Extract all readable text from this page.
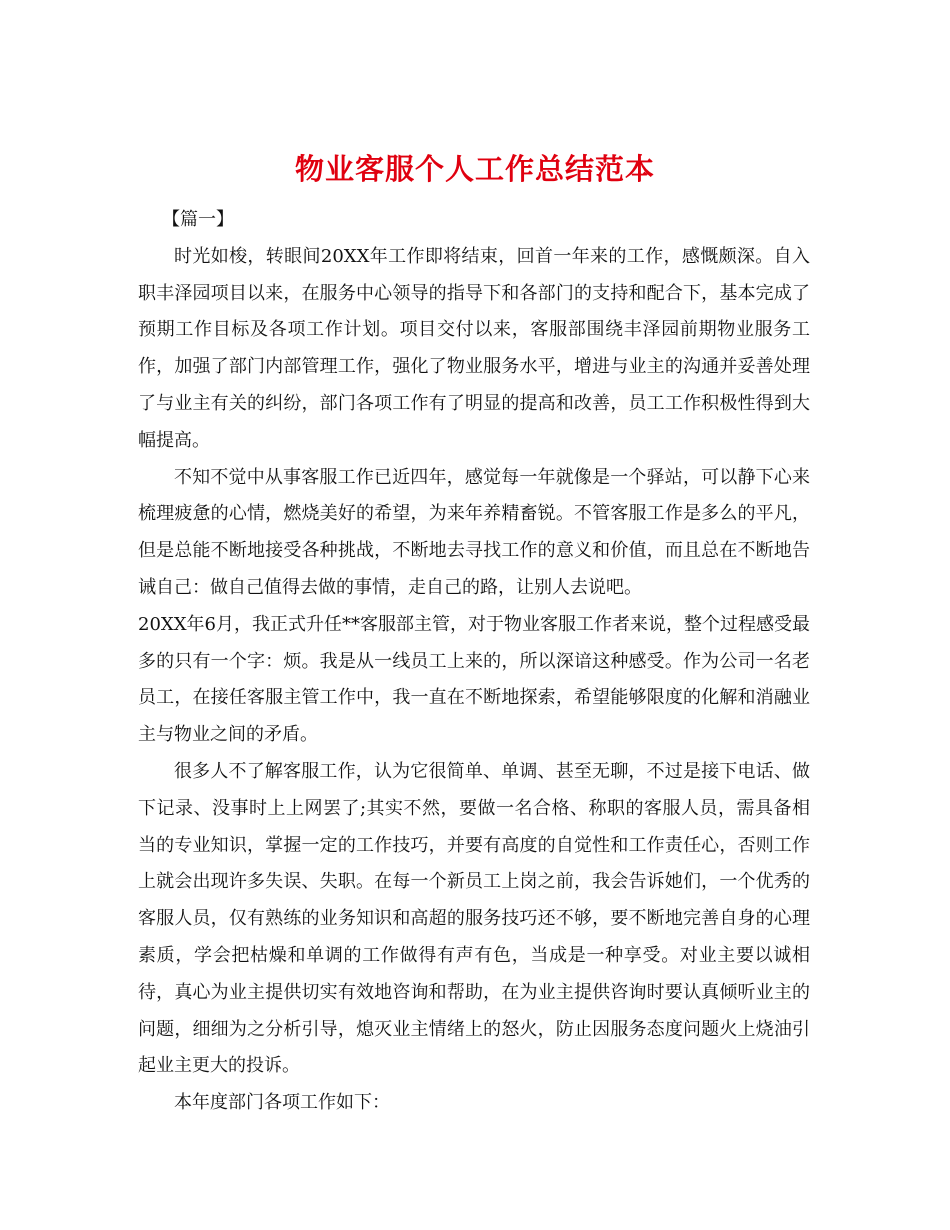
物业客服个人工作总结范本

【篇一】

时光如梭，转眼间20XX年工作即将结束，回首一年来的工作，感慨颇深。自入职丰泽园项目以来，在服务中心领导的指导下和各部门的支持和配合下，基本完成了预期工作目标及各项工作计划。项目交付以来，客服部围绕丰泽园前期物业服务工作，加强了部门内部管理工作，强化了物业服务水平，增进与业主的沟通并妥善处理了与业主有关的纠纷，部门各项工作有了明显的提高和改善，员工工作积极性得到大幅提高。

不知不觉中从事客服工作已近四年，感觉每一年就像是一个驿站，可以静下心来梳理疲惫的心情，燃烧美好的希望，为来年养精畜锐。不管客服工作是多么的平凡，但是总能不断地接受各种挑战，不断地去寻找工作的意义和价值，而且总在不断地告诫自己：做自己值得去做的事情，走自己的路，让别人去说吧。

20XX年6月，我正式升任**客服部主管，对于物业客服工作者来说，整个过程感受最多的只有一个字：烦。我是从一线员工上来的，所以深谙这种感受。作为公司一名老员工，在接任客服主管工作中，我一直在不断地探索，希望能够限度的化解和消融业主与物业之间的矛盾。

很多人不了解客服工作，认为它很简单、单调、甚至无聊，不过是接下电话、做下记录、没事时上上网罢了;其实不然，要做一名合格、称职的客服人员，需具备相当的专业知识，掌握一定的工作技巧，并要有高度的自觉性和工作责任心，否则工作上就会出现许多失误、失职。在每一个新员工上岗之前，我会告诉她们，一个优秀的客服人员，仅有熟练的业务知识和高超的服务技巧还不够，要不断地完善自身的心理素质，学会把枯燥和单调的工作做得有声有色，当成是一种享受。对业主要以诚相待，真心为业主提供切实有效地咨询和帮助，在为业主提供咨询时要认真倾听业主的问题，细细为之分析引导，熄灭业主情绪上的怒火，防止因服务态度问题火上烧油引起业主更大的投诉。

本年度部门各项工作如下：
